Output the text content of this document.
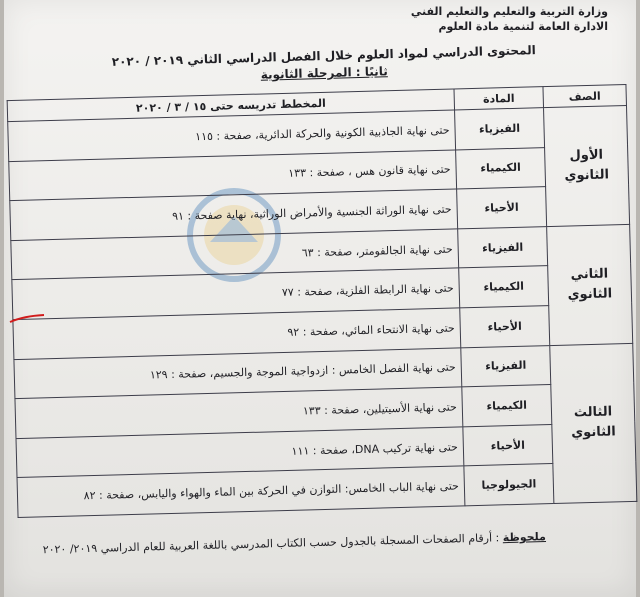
وزارة التربية والتعليم والتعليم الفني
الادارة العامة لتنمية مادة العلوم
المحتوى الدراسي لمواد العلوم خلال الفصل الدراسي الثاني ٢٠١٩ / ٢٠٢٠
ثانيًا : المرحلة الثانوية
الصف	المادة	المخطط تدريسه حتى ١٥ / ٣ / ٢٠٢٠
الأول الثانوي	الفيزياء	حتى نهاية الجاذبية الكونية والحركة الدائرية، صفحة : ١١٥
	الكيمياء	حتى نهاية قانون هس ، صفحة : ١٣٣
	الأحياء	حتى نهاية الوراثة الجنسية والأمراض الوراثية، نهاية صفحة : ٩١
الثاني الثانوي	الفيزياء	حتى نهاية الجالفومتر، صفحة : ٦٣
	الكيمياء	حتى نهاية الرابطة الفلزية، صفحة : ٧٧
	الأحياء	حتى نهاية الانتحاء المائي، صفحة : ٩٢
الثالث الثانوي	الفيزياء	حتى نهاية الفصل الخامس : ازدواجية الموجة والجسيم، صفحة : ١٢٩
	الكيمياء	حتى نهاية الأسيتيلين، صفحة : ١٣٣
	الأحياء	حتى نهاية تركيب DNA، صفحة : ١١١
	الجيولوجيا	حتى نهاية الباب الخامس: التوازن في الحركة بين الماء والهواء واليابس، صفحة : ٨٢
ملحوظة : أرقام الصفحات المسجلة بالجدول حسب الكتاب المدرسي باللغة العربية للعام الدراسي ٢٠١٩/ ٢٠٢٠
